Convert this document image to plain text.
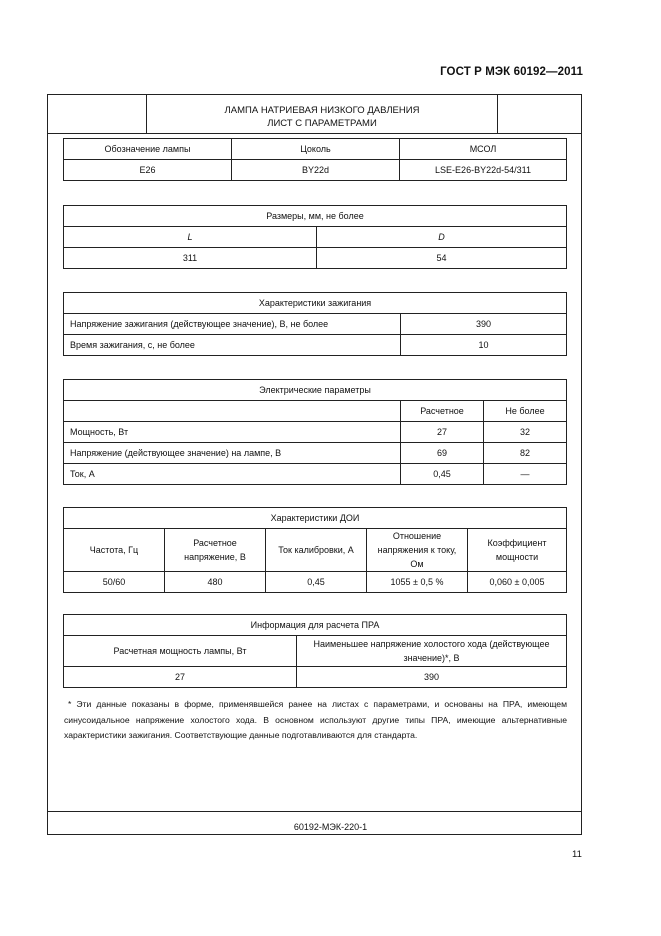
ГОСТ Р МЭК 60192—2011
ЛАМПА НАТРИЕВАЯ НИЗКОГО ДАВЛЕНИЯ
ЛИСТ С ПАРАМЕТРАМИ
Обозначение лампы	Цоколь	МСОЛ
E26	BY22d	LSE-E26-BY22d-54/311
Размеры, мм, не более	
L	D
311	54
Характеристики зажигания	
Напряжение зажигания (действующее значение), В, не более	390
Время зажигания, с, не более	10
Электрические параметры		
	Расчетное	Не более
Мощность, Вт	27	32
Напряжение (действующее значение) на лампе, В	69	82
Ток, А	0,45	—
Характеристики ДОИ				
Частота, Гц	Расчетное напряжение, В	Ток калибровки, А	Отношение напряжения к току, Ом	Коэффициент мощности
50/60	480	0,45	1055 ± 0,5 %	0,060 ± 0,005
Информация для расчета ПРА	
Расчетная мощность лампы, Вт	Наименьшее напряжение холостого хода (действующее значение)*, В
27	390
* Эти данные показаны в форме, применявшейся ранее на листах с параметрами, и основаны на ПРА, имеющем синусоидальное напряжение холостого хода. В основном используют другие типы ПРА, имеющие альтернативные характеристики зажигания. Соответствующие данные подготавливаются для стандарта.
60192-МЭК-220-1
11
